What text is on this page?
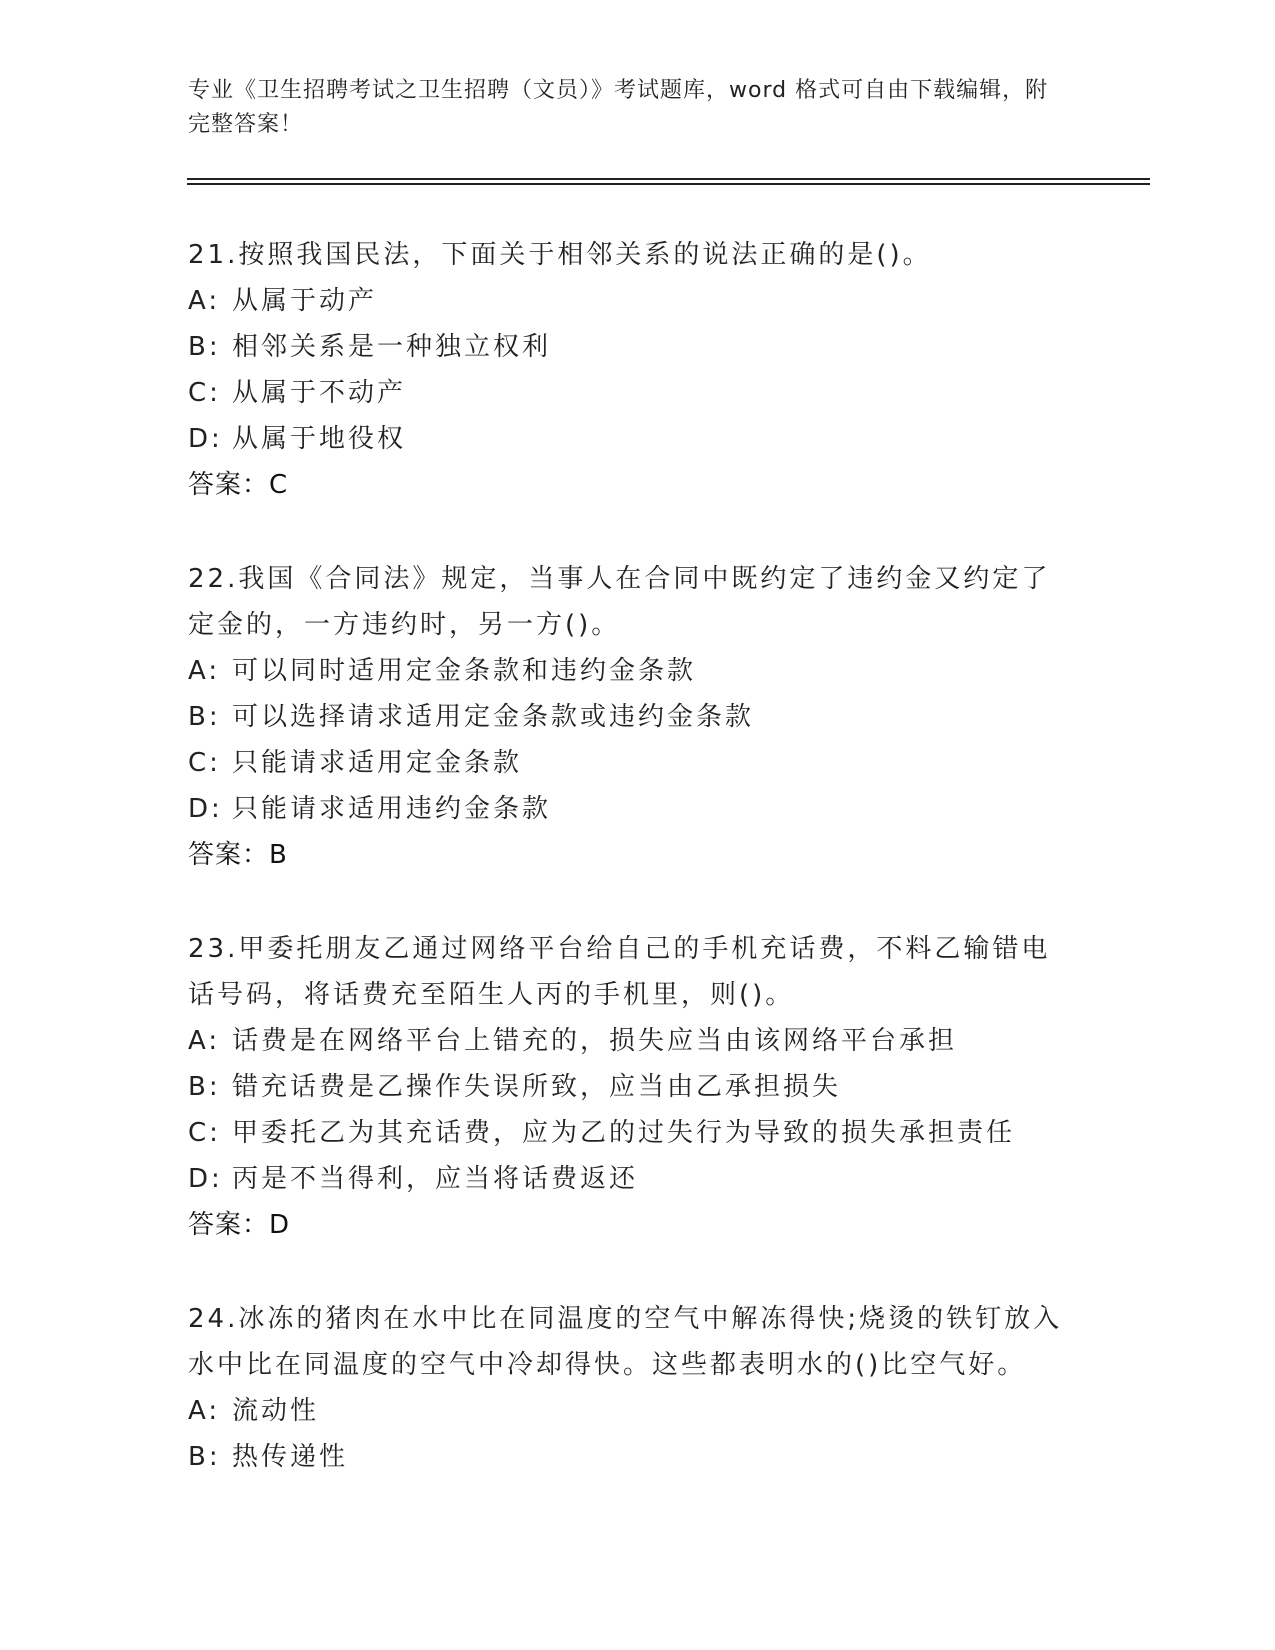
专业《卫生招聘考试之卫生招聘（文员）》考试题库，word 格式可自由下载编辑，附完整答案！
21.按照我国民法，下面关于相邻关系的说法正确的是()。
A: 从属于动产
B: 相邻关系是一种独立权利
C: 从属于不动产
D: 从属于地役权
答案：C
22.我国《合同法》规定，当事人在合同中既约定了违约金又约定了定金的，一方违约时，另一方()。
A: 可以同时适用定金条款和违约金条款
B: 可以选择请求适用定金条款或违约金条款
C: 只能请求适用定金条款
D: 只能请求适用违约金条款
答案：B
23.甲委托朋友乙通过网络平台给自己的手机充话费，不料乙输错电话号码，将话费充至陌生人丙的手机里，则()。
A: 话费是在网络平台上错充的，损失应当由该网络平台承担
B: 错充话费是乙操作失误所致，应当由乙承担损失
C: 甲委托乙为其充话费，应为乙的过失行为导致的损失承担责任
D: 丙是不当得利，应当将话费返还
答案：D
24.冰冻的猪肉在水中比在同温度的空气中解冻得快;烧烫的铁钉放入水中比在同温度的空气中冷却得快。这些都表明水的()比空气好。
A: 流动性
B: 热传递性
